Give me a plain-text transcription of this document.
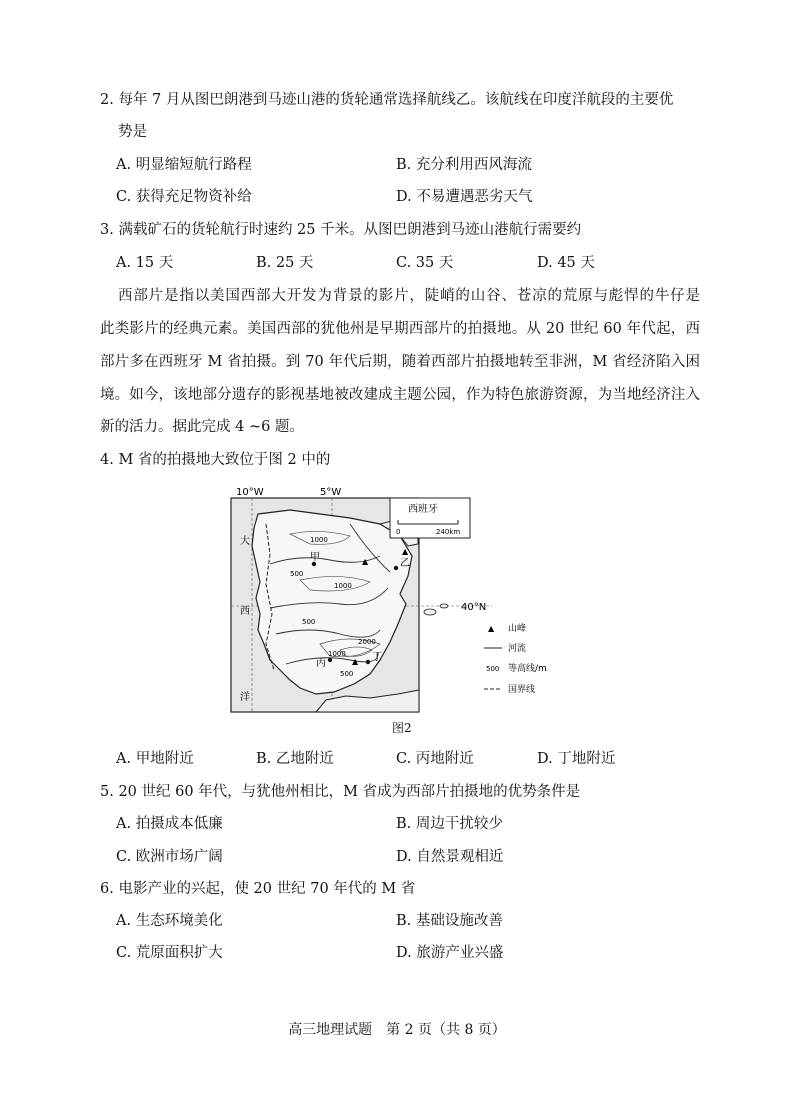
2. 每年 7 月从图巴朗港到马迹山港的货轮通常选择航线乙。该航线在印度洋航段的主要优
势是
A. 明显缩短航行路程	B. 充分利用西风海流
C. 获得充足物资补给	D. 不易遭遇恶劣天气
3. 满载矿石的货轮航行时速约 25 千米。从图巴朗港到马迹山港航行需要约
A. 15 天	B. 25 天	C. 35 天	D. 45 天
西部片是指以美国西部大开发为背景的影片，陡峭的山谷、苍凉的荒原与彪悍的牛仔是
此类影片的经典元素。美国西部的犹他州是早期西部片的拍摄地。从 20 世纪 60 年代起，西
部片多在西班牙 M 省拍摄。到 70 年代后期，随着西部片拍摄地转至非洲，M 省经济陷入困
境。如今，该地部分遗存的影视基地被改建成主题公园，作为特色旅游资源，为当地经济注入
新的活力。据此完成 4 ~6 题。
4. M 省的拍摄地大致位于图 2 中的
10°W	5°W
40°N
1000
500
1000
500
2000
1000
500
▲
▲
▲
甲
乙
丙
丁
大
西
洋
西班牙
0	240km
▲ 山峰
河流
500 等高线/m
国界线
图2
A. 甲地附近	B. 乙地附近	C. 丙地附近	D. 丁地附近
5. 20 世纪 60 年代，与犹他州相比，M 省成为西部片拍摄地的优势条件是
A. 拍摄成本低廉	B. 周边干扰较少
C. 欧洲市场广阔	D. 自然景观相近
6. 电影产业的兴起，使 20 世纪 70 年代的 M 省
A. 生态环境美化	B. 基础设施改善
C. 荒原面积扩大	D. 旅游产业兴盛
高三地理试题　第 2 页（共 8 页）
